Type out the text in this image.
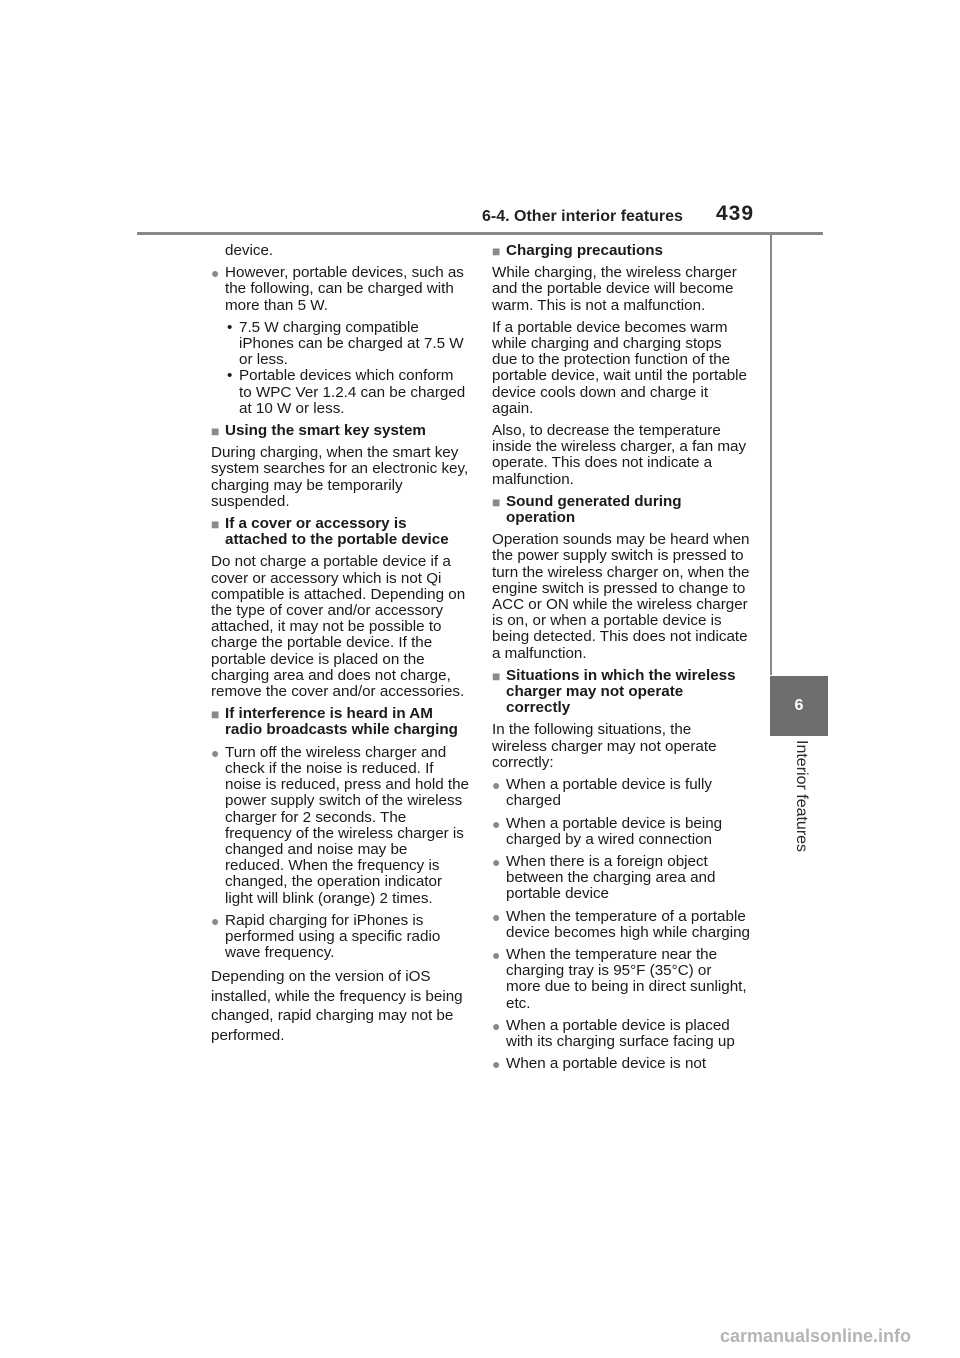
6-4. Other interior features 439
6
Interior features

device.

● However, portable devices, such as the following, can be charged with more than 5 W.
• 7.5 W charging compatible iPhones can be charged at 7.5 W or less.
• Portable devices which conform to WPC Ver 1.2.4 can be charged at 10 W or less.
■ Using the smart key system

During charging, when the smart key system searches for an electronic key, charging may be temporarily suspended.

■ If a cover or accessory is attached to the portable device

Do not charge a portable device if a cover or accessory which is not Qi compatible is attached. Depending on the type of cover and/or accessory attached, it may not be possible to charge the portable device. If the portable device is placed on the charging area and does not charge, remove the cover and/or accessories.

■ If interference is heard in AM radio broadcasts while charging
● Turn off the wireless charger and check if the noise is reduced. If noise is reduced, press and hold the power supply switch of the wireless charger for 2 seconds. The frequency of the wireless charger is changed and noise may be reduced. When the frequency is changed, the operation indicator light will blink (orange) 2 times.
● Rapid charging for iPhones is performed using a specific radio wave frequency.

Depending on the version of iOS installed, while the frequency is being changed, rapid charging may not be performed.

■ Charging precautions

While charging, the wireless charger and the portable device will become warm. This is not a malfunction.

If a portable device becomes warm while charging and charging stops due to the protection function of the portable device, wait until the portable device cools down and charge it again.

Also, to decrease the temperature inside the wireless charger, a fan may operate. This does not indicate a malfunction.

■ Sound generated during operation

Operation sounds may be heard when the power supply switch is pressed to turn the wireless charger on, when the engine switch is pressed to change to ACC or ON while the wireless charger is on, or when a portable device is being detected. This does not indicate a malfunction.

■ Situations in which the wireless charger may not operate correctly

In the following situations, the wireless charger may not operate correctly:

● When a portable device is fully charged
● When a portable device is being charged by a wired connection
● When there is a foreign object between the charging area and portable device
● When the temperature of a portable device becomes high while charging
● When the temperature near the charging tray is 95°F (35°C) or more due to being in direct sunlight, etc.
● When a portable device is placed with its charging surface facing up
● When a portable device is not
carmanualsonline.info
